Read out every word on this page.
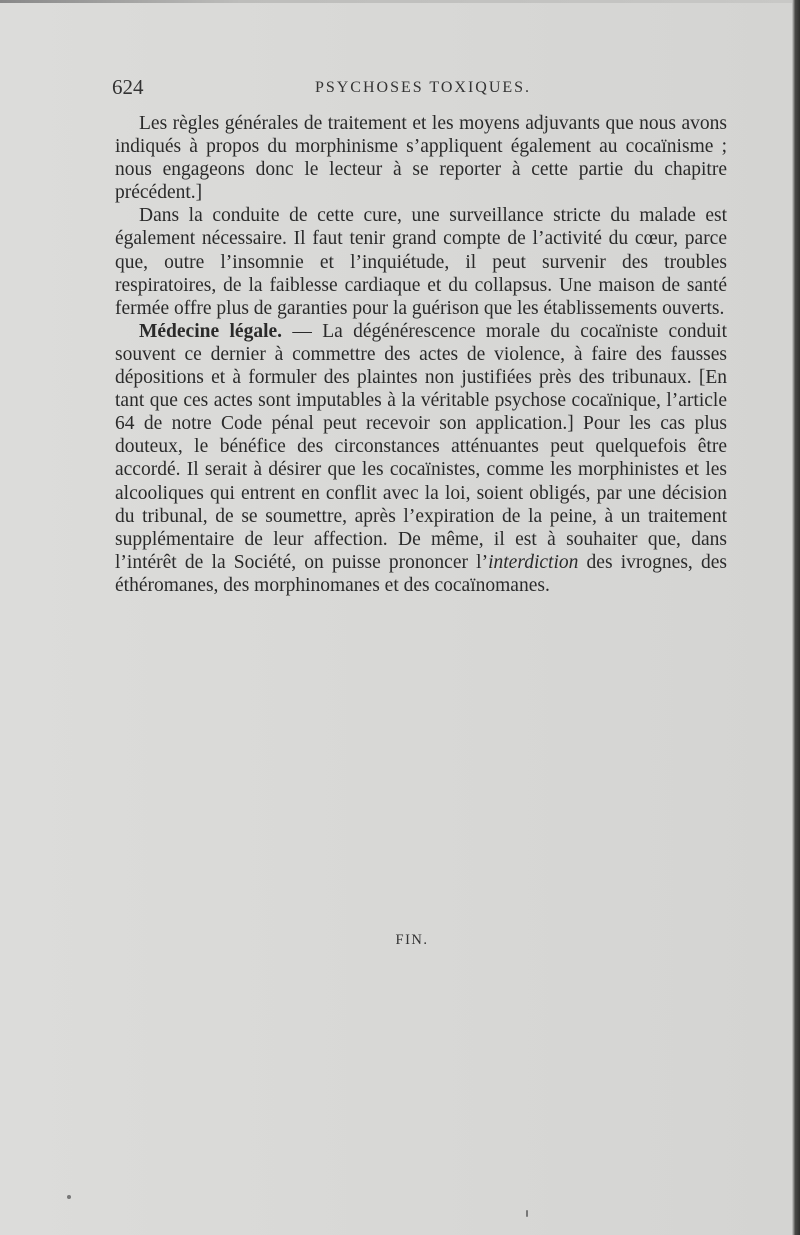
624	PSYCHOSES TOXIQUES.

Les règles générales de traitement et les moyens adjuvants que nous avons indiqués à propos du morphinisme s’appliquent également au cocaïnisme ; nous engageons donc le lecteur à se reporter à cette partie du chapitre précédent.]

Dans la conduite de cette cure, une surveillance stricte du malade est également nécessaire. Il faut tenir grand compte de l’activité du cœur, parce que, outre l’insomnie et l’inquiétude, il peut survenir des troubles respiratoires, de la faiblesse cardiaque et du collapsus. Une maison de santé fermée offre plus de garanties pour la guérison que les établissements ouverts.

Médecine légale. — La dégénérescence morale du cocaïniste conduit souvent ce dernier à commettre des actes de violence, à faire des fausses dépositions et à formuler des plaintes non justifiées près des tribunaux. [En tant que ces actes sont imputables à la véritable psychose cocaïnique, l’article 64 de notre Code pénal peut recevoir son application.] Pour les cas plus douteux, le bénéfice des circonstances atténuantes peut quelquefois être accordé. Il serait à désirer que les cocaïnistes, comme les morphinistes et les alcooliques qui entrent en conflit avec la loi, soient obligés, par une décision du tribunal, de se soumettre, après l’expiration de la peine, à un traitement supplémentaire de leur affection. De même, il est à souhaiter que, dans l’intérêt de la Société, on puisse prononcer l’interdiction des ivrognes, des éthéromanes, des morphinomanes et des cocaïnomanes.

FIN.
